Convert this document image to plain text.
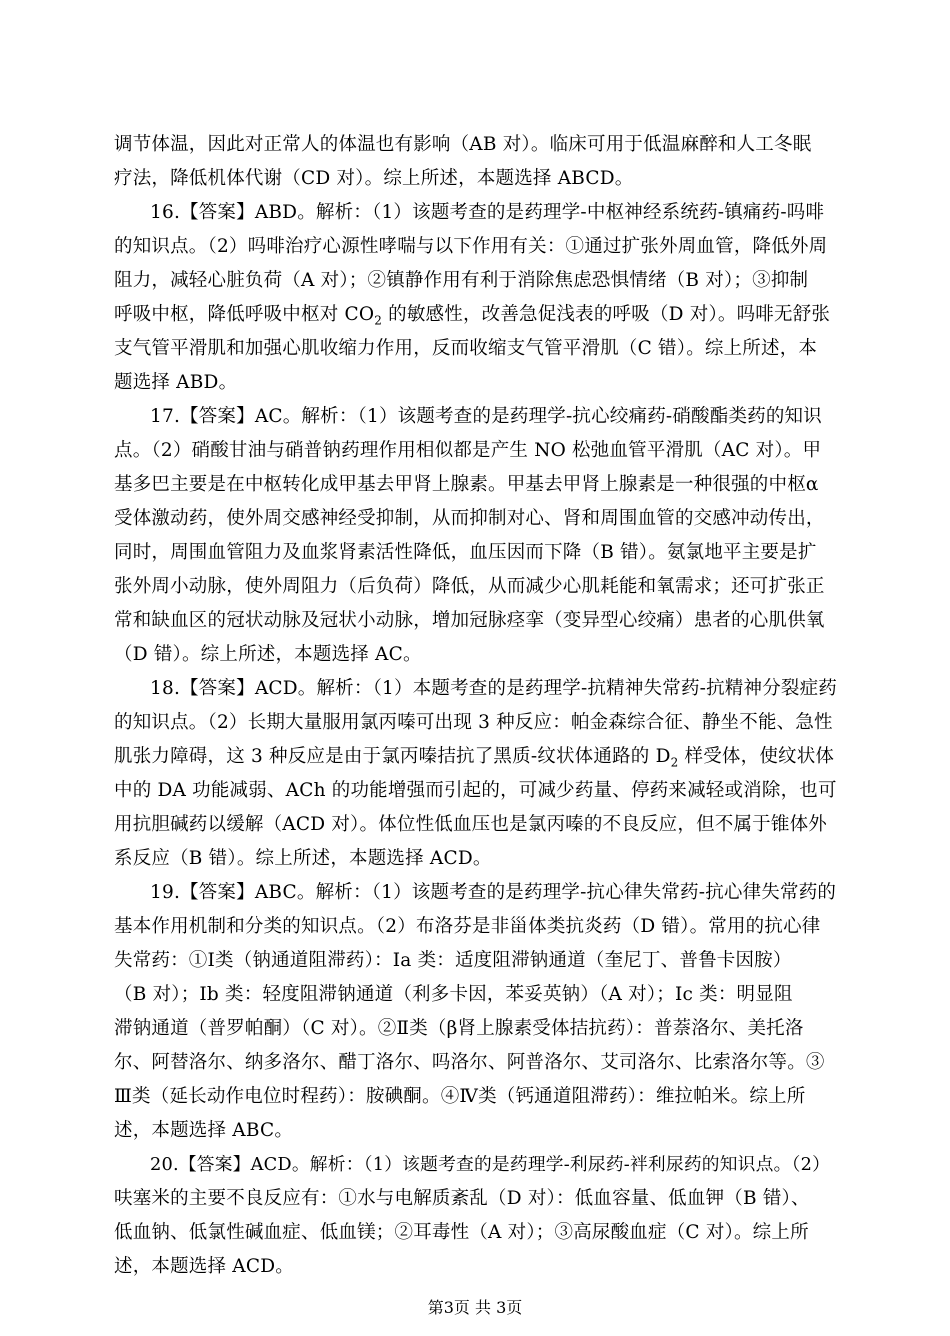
调节体温，因此对正常人的体温也有影响（AB 对）。临床可用于低温麻醉和人工冬眠
疗法，降低机体代谢（CD 对）。综上所述，本题选择 ABCD。
16.【答案】ABD。解析：（1）该题考查的是药理学-中枢神经系统药-镇痛药-吗啡
的知识点。（2）吗啡治疗心源性哮喘与以下作用有关：①通过扩张外周血管，降低外周
阻力，减轻心脏负荷（A 对）；②镇静作用有利于消除焦虑恐惧情绪（B 对）；③抑制
呼吸中枢，降低呼吸中枢对 $CO_2$ 的敏感性，改善急促浅表的呼吸（D 对）。吗啡无舒张
支气管平滑肌和加强心肌收缩力作用，反而收缩支气管平滑肌（C 错）。综上所述，本
题选择 ABD。
17.【答案】AC。解析：（1）该题考查的是药理学-抗心绞痛药-硝酸酯类药的知识
点。（2）硝酸甘油与硝普钠药理作用相似都是产生 NO 松弛血管平滑肌（AC 对）。甲
基多巴主要是在中枢转化成甲基去甲肾上腺素。甲基去甲肾上腺素是一种很强的中枢α
受体激动药，使外周交感神经受抑制，从而抑制对心、肾和周围血管的交感冲动传出，
同时，周围血管阻力及血浆肾素活性降低，血压因而下降（B 错）。氨氯地平主要是扩
张外周小动脉，使外周阻力（后负荷）降低，从而减少心肌耗能和氧需求；还可扩张正
常和缺血区的冠状动脉及冠状小动脉，增加冠脉痉挛（变异型心绞痛）患者的心肌供氧
（D 错）。综上所述，本题选择 AC。
18.【答案】ACD。解析：（1）本题考查的是药理学-抗精神失常药-抗精神分裂症药
的知识点。（2）长期大量服用氯丙嗪可出现 3 种反应：帕金森综合征、静坐不能、急性
肌张力障碍，这 3 种反应是由于氯丙嗪拮抗了黑质-纹状体通路的 $D_2$ 样受体，使纹状体
中的 DA 功能减弱、ACh 的功能增强而引起的，可减少药量、停药来减轻或消除，也可
用抗胆碱药以缓解（ACD 对）。体位性低血压也是氯丙嗪的不良反应，但不属于锥体外
系反应（B 错）。综上所述，本题选择 ACD。
19.【答案】ABC。解析：（1）该题考查的是药理学-抗心律失常药-抗心律失常药的
基本作用机制和分类的知识点。（2）布洛芬是非甾体类抗炎药（D 错）。常用的抗心律
失常药：①Ⅰ类（钠通道阻滞药）：Ⅰa 类：适度阻滞钠通道（奎尼丁、普鲁卡因胺）
（B 对）；Ⅰb 类：轻度阻滞钠通道（利多卡因，苯妥英钠）（A 对）；Ⅰc 类：明显阻
滞钠通道（普罗帕酮）（C 对）。②Ⅱ类（β肾上腺素受体拮抗药）：普萘洛尔、美托洛
尔、阿替洛尔、纳多洛尔、醋丁洛尔、吗洛尔、阿普洛尔、艾司洛尔、比索洛尔等。③
Ⅲ类（延长动作电位时程药）：胺碘酮。④Ⅳ类（钙通道阻滞药）：维拉帕米。综上所
述，本题选择 ABC。
20.【答案】ACD。解析：（1）该题考查的是药理学-利尿药-袢利尿药的知识点。（2）
呋塞米的主要不良反应有：①水与电解质紊乱（D 对）：低血容量、低血钾（B 错）、
低血钠、低氯性碱血症、低血镁；②耳毒性（A 对）；③高尿酸血症（C 对）。综上所
述，本题选择 ACD。
第3页 共 3页
